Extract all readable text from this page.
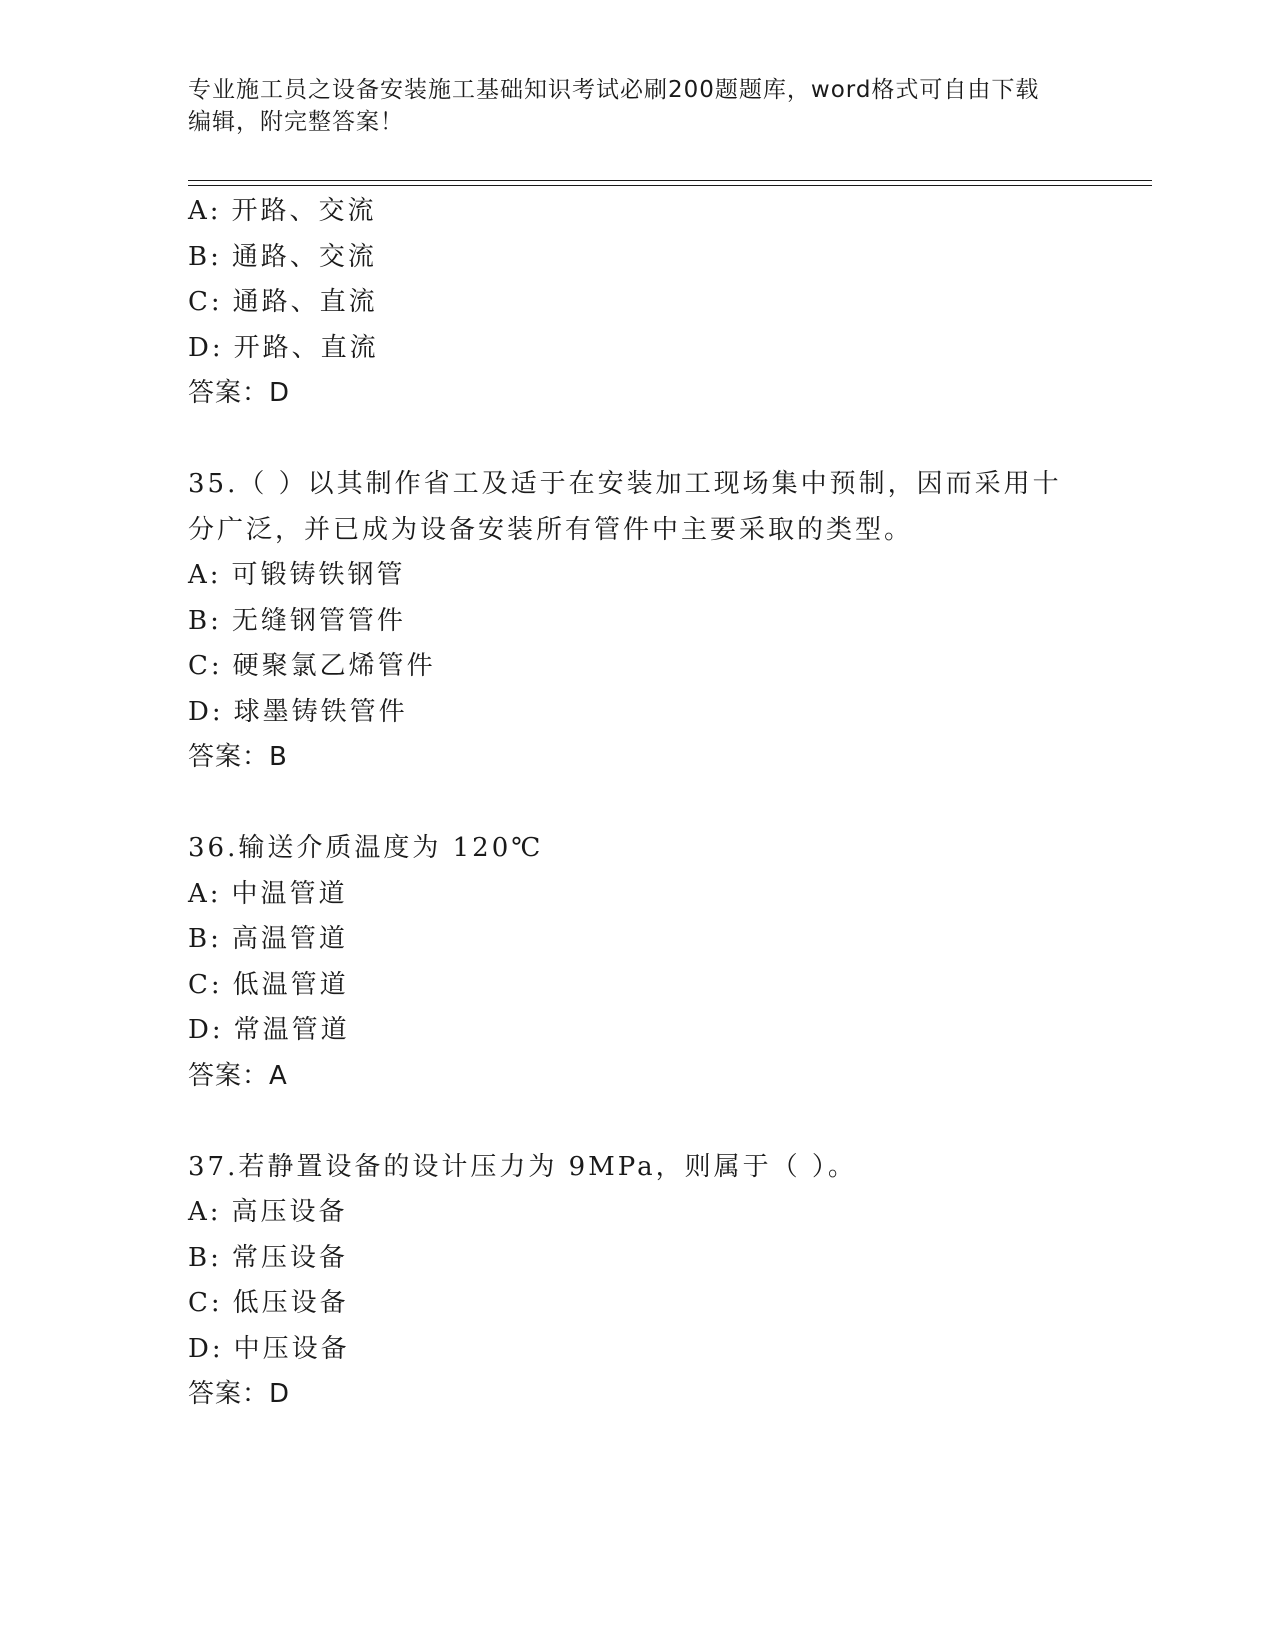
专业施工员之设备安装施工基础知识考试必刷200题题库，word格式可自由下载
编辑，附完整答案！
A: 开路、交流
B: 通路、交流
C: 通路、直流
D: 开路、直流
答案：D
35.（ ）以其制作省工及适于在安装加工现场集中预制，因而采用十
分广泛，并已成为设备安装所有管件中主要采取的类型。
A: 可锻铸铁钢管
B: 无缝钢管管件
C: 硬聚氯乙烯管件
D: 球墨铸铁管件
答案：B
36.输送介质温度为 120℃
A: 中温管道
B: 高温管道
C: 低温管道
D: 常温管道
答案：A
37.若静置设备的设计压力为 9MPa，则属于（ ）。
A: 高压设备
B: 常压设备
C: 低压设备
D: 中压设备
答案：D
